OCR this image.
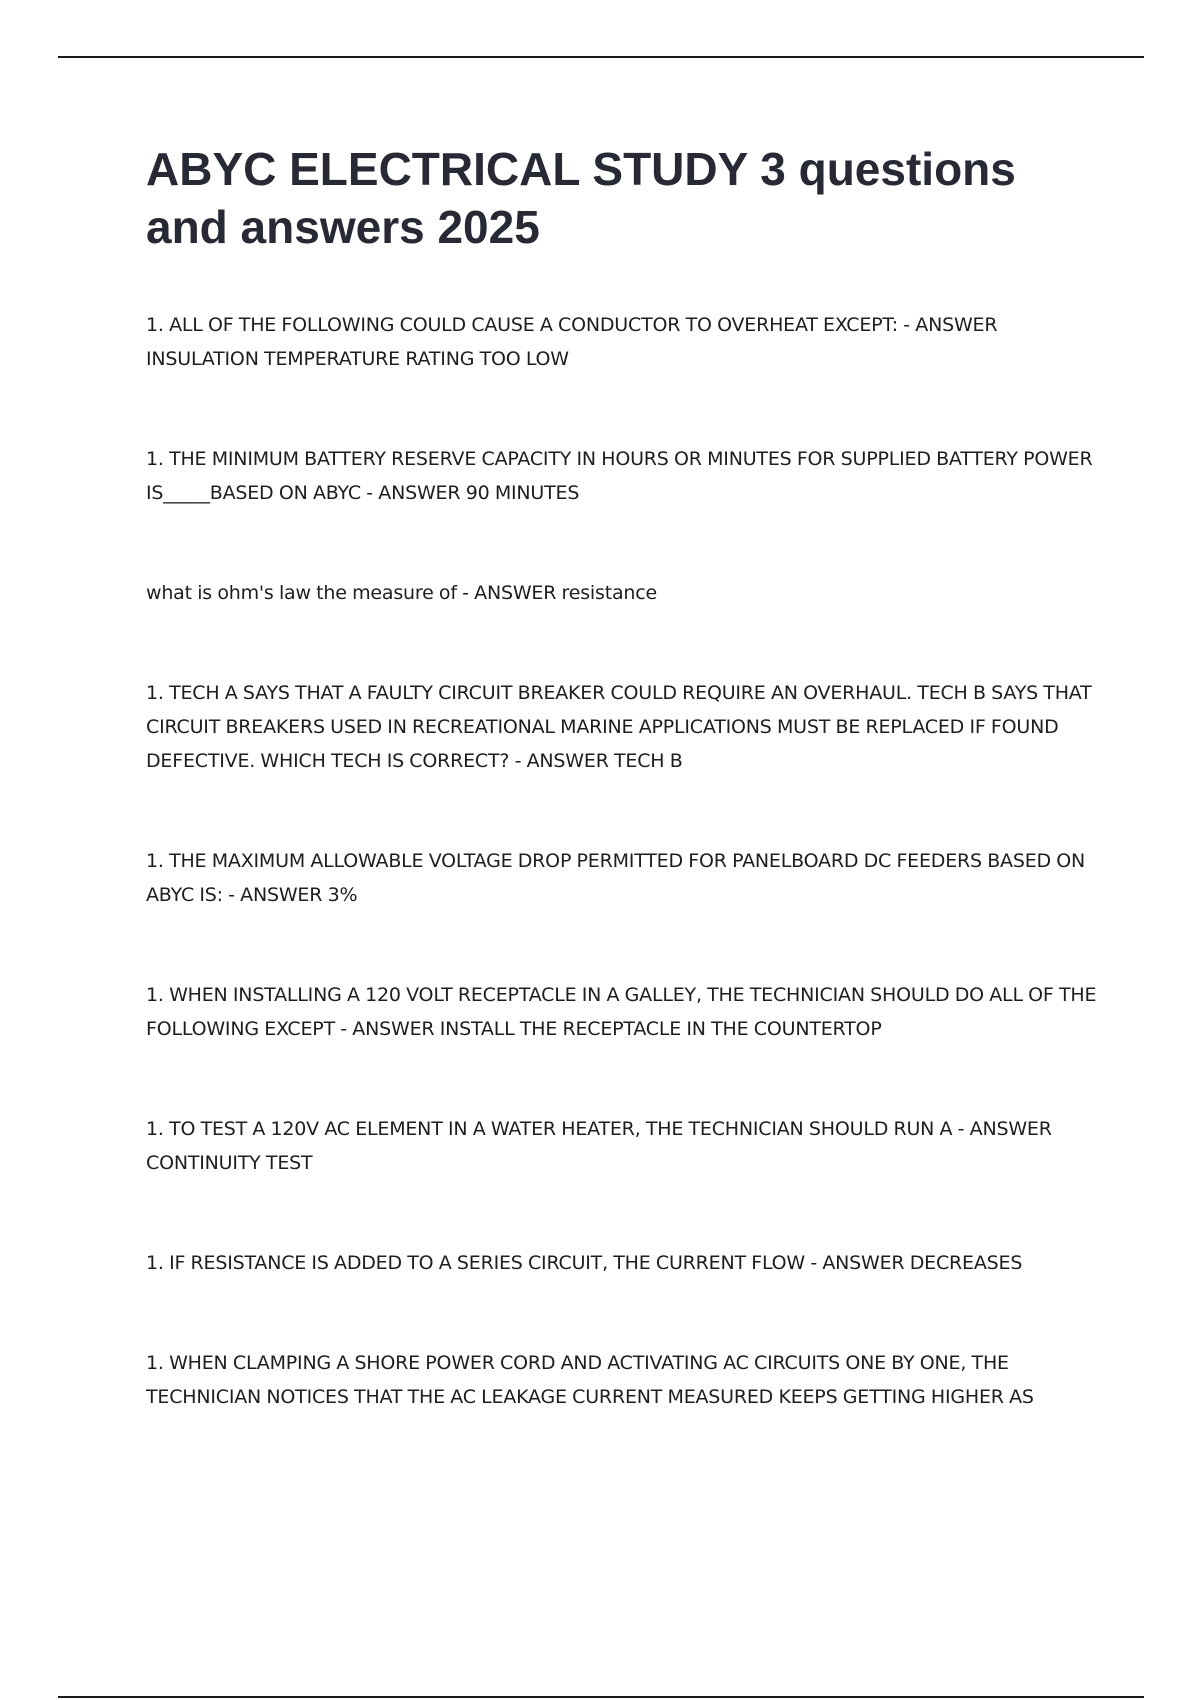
ABYC ELECTRICAL STUDY 3 questions and answers 2025

1. ALL OF THE FOLLOWING COULD CAUSE A CONDUCTOR TO OVERHEAT EXCEPT: - ANSWER INSULATION TEMPERATURE RATING TOO LOW

1. THE MINIMUM BATTERY RESERVE CAPACITY IN HOURS OR MINUTES FOR SUPPLIED BATTERY POWER IS_____BASED ON ABYC - ANSWER 90 MINUTES

what is ohm's law the measure of - ANSWER resistance

1. TECH A SAYS THAT A FAULTY CIRCUIT BREAKER COULD REQUIRE AN OVERHAUL. TECH B SAYS THAT CIRCUIT BREAKERS USED IN RECREATIONAL MARINE APPLICATIONS MUST BE REPLACED IF FOUND DEFECTIVE. WHICH TECH IS CORRECT? - ANSWER TECH B

1. THE MAXIMUM ALLOWABLE VOLTAGE DROP PERMITTED FOR PANELBOARD DC FEEDERS BASED ON ABYC IS: - ANSWER 3%

1. WHEN INSTALLING A 120 VOLT RECEPTACLE IN A GALLEY, THE TECHNICIAN SHOULD DO ALL OF THE FOLLOWING EXCEPT - ANSWER INSTALL THE RECEPTACLE IN THE COUNTERTOP

1. TO TEST A 120V AC ELEMENT IN A WATER HEATER, THE TECHNICIAN SHOULD RUN A - ANSWER CONTINUITY TEST

1. IF RESISTANCE IS ADDED TO A SERIES CIRCUIT, THE CURRENT FLOW - ANSWER DECREASES

1. WHEN CLAMPING A SHORE POWER CORD AND ACTIVATING AC CIRCUITS ONE BY ONE, THE TECHNICIAN NOTICES THAT THE AC LEAKAGE CURRENT MEASURED KEEPS GETTING HIGHER AS
